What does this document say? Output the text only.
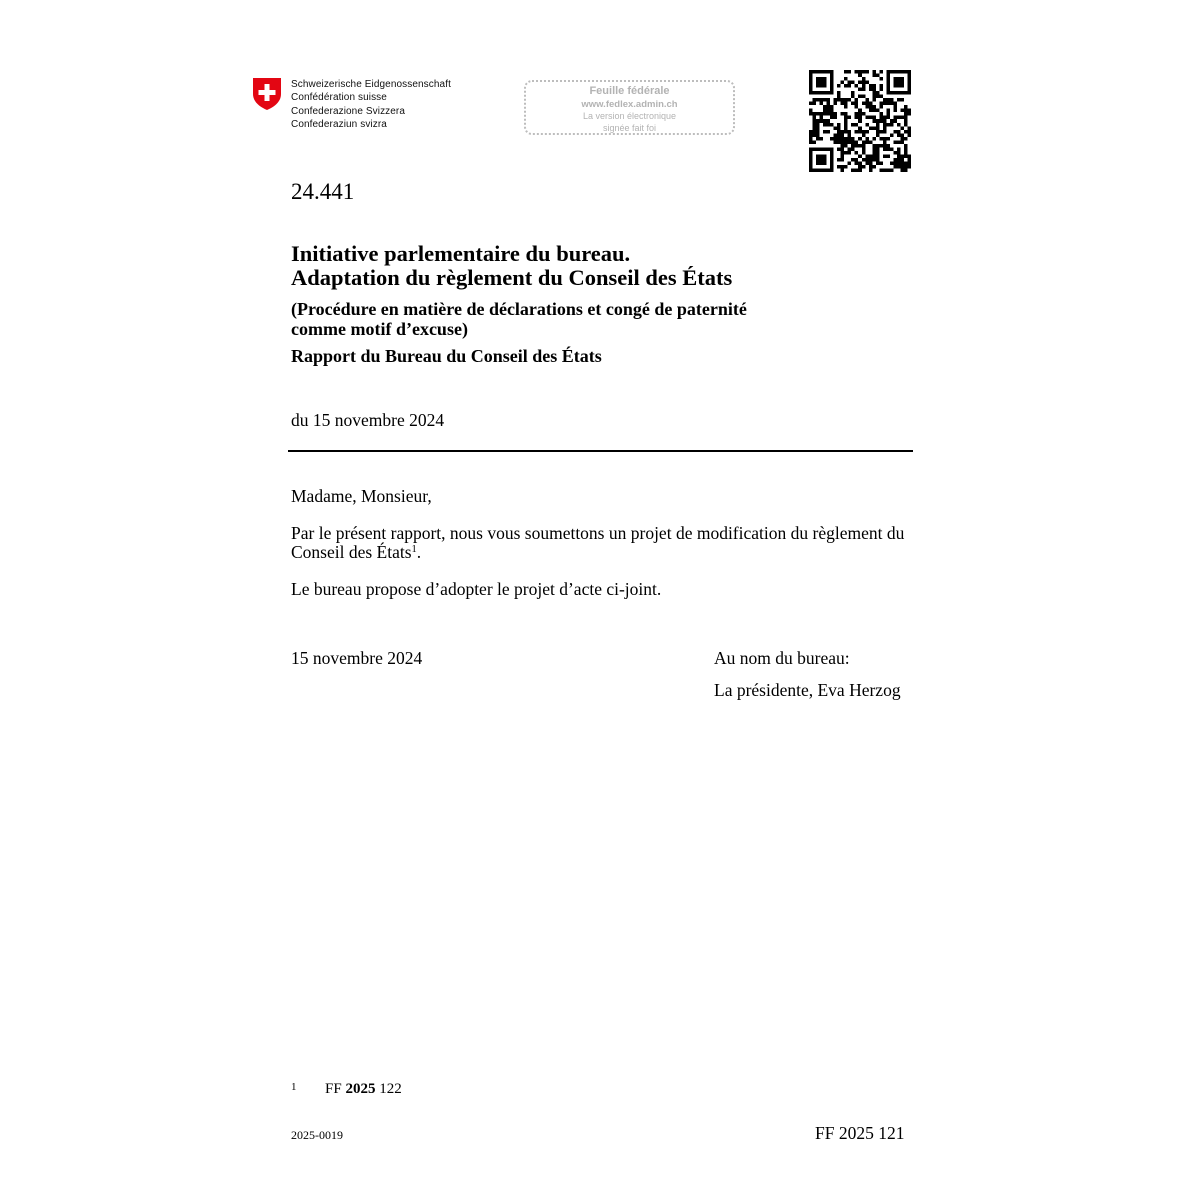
Schweizerische Eidgenossenschaft
Confédération suisse
Confederazione Svizzera
Confederaziun svizra
Feuille fédérale
www.fedlex.admin.ch
La version électronique
signée fait foi
24.441
Initiative parlementaire du bureau.
Adaptation du règlement du Conseil des États
(Procédure en matière de déclarations et congé de paternité
comme motif d’excuse)
Rapport du Bureau du Conseil des États
du 15 novembre 2024
Madame, Monsieur,
Par le présent rapport, nous vous soumettons un projet de modification du règlement du Conseil des États$^1$.
Le bureau propose d’adopter le projet d’acte ci-joint.
15 novembre 2024	Au nom du bureau:
La présidente, Eva Herzog
1 FF 2025 122
2025-0019	FF 2025 121
